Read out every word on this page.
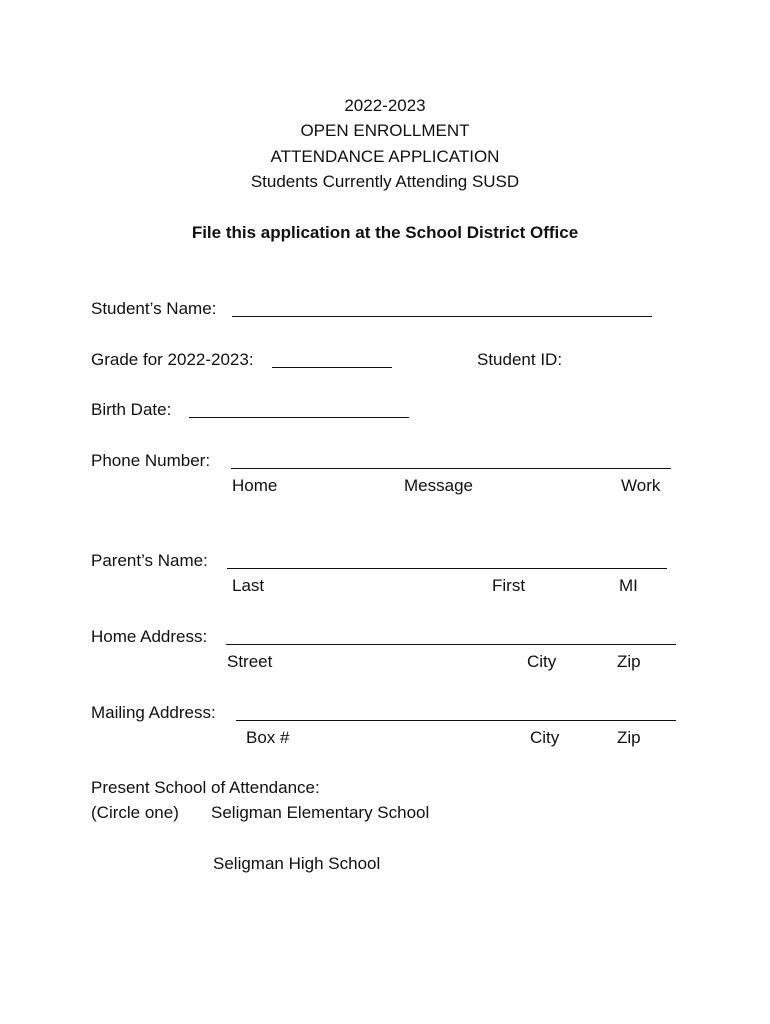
2022-2023
OPEN ENROLLMENT
ATTENDANCE APPLICATION
Students Currently Attending SUSD
File this application at the School District Office
Student’s Name:
Grade for 2022-2023:	Student ID:
Birth Date:
Phone Number:
Home	Message	Work
Parent’s Name:
Last	First	MI
Home Address:
Street	City	Zip
Mailing Address:
Box #	City	Zip
Present School of Attendance:
(Circle one) Seligman Elementary School
Seligman High School
